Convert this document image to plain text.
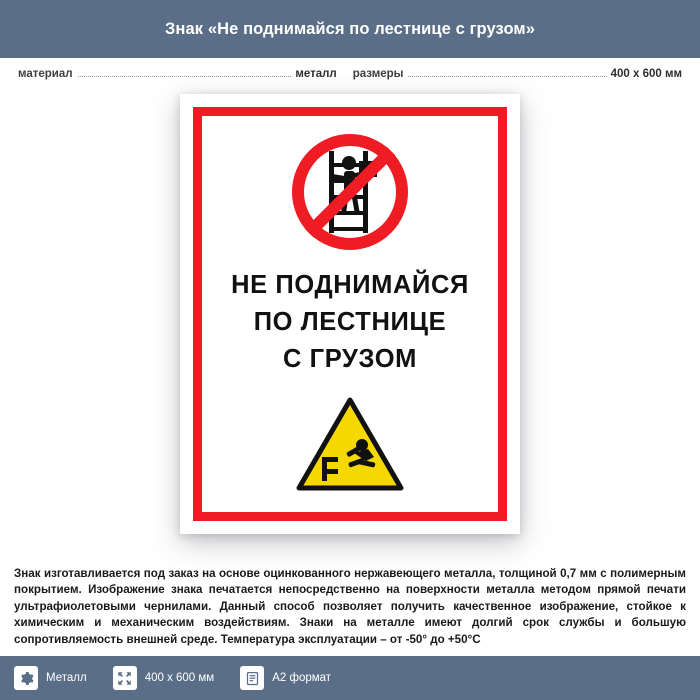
Знак «Не поднимайся по лестнице с грузом»
материал	металл размеры	400 x 600 мм
НЕ ПОДНИМАЙСЯ
ПО ЛЕСТНИЦЕ
С ГРУЗОМ
Знак изготавливается под заказ на основе оцинкованного нержавеющего металла, толщиной 0,7 мм с полимерным покрытием. Изображение знака печатается непосредственно на поверхности металла методом прямой печати ультрафиолетовыми чернилами. Данный способ позволяет получить качественное изображение, стойкое к химическим и механическим воздействиям. Знаки на металле имеют долгий срок службы и большую сопротивляемость внешней среде. Температура эксплуатации – от -50° до +50°C
Металл	400 x 600 мм	A2 формат
